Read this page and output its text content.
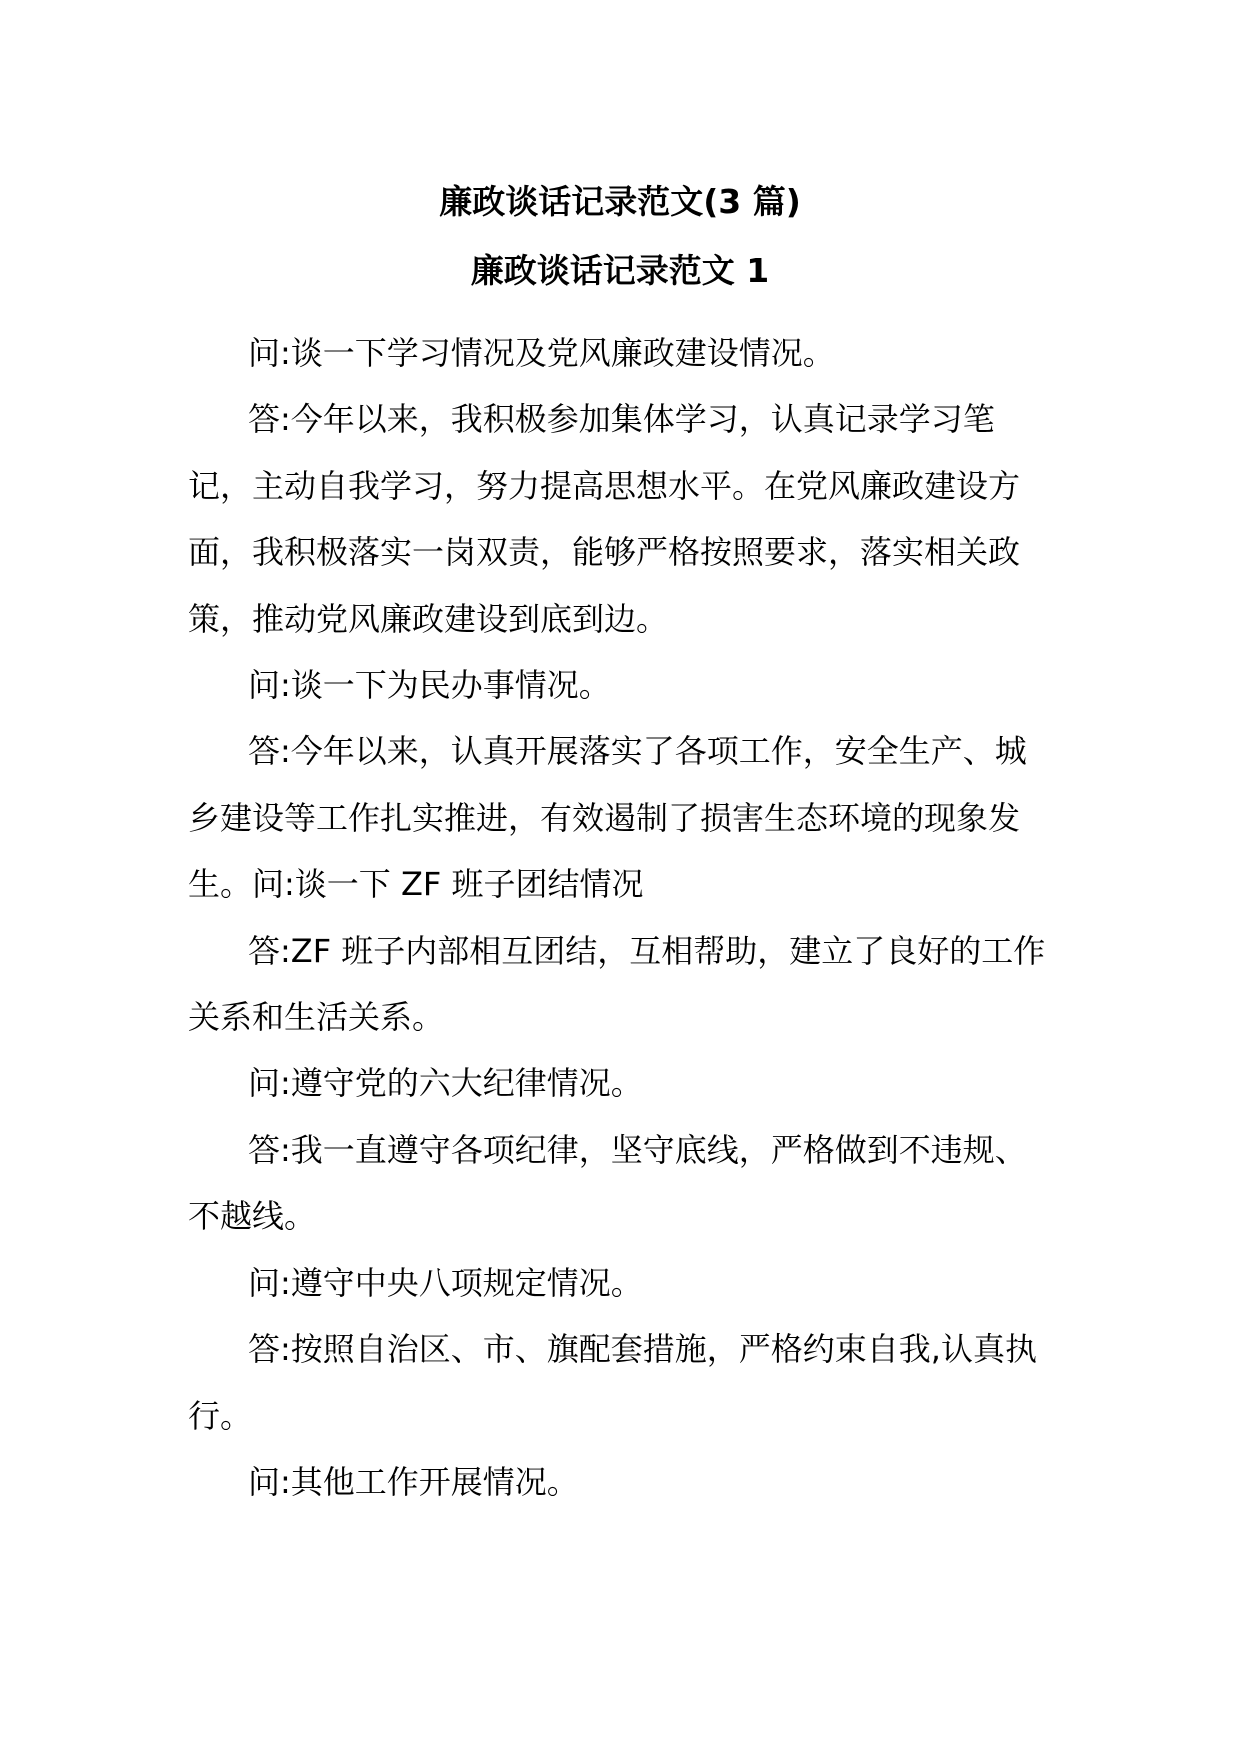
廉政谈话记录范文(3 篇)
廉政谈话记录范文 1

问:谈一下学习情况及党风廉政建设情况。

答:今年以来，我积极参加集体学习，认真记录学习笔记，主动自我学习，努力提高思想水平。在党风廉政建设方面，我积极落实一岗双责，能够严格按照要求，落实相关政策，推动党风廉政建设到底到边。

问:谈一下为民办事情况。

答:今年以来，认真开展落实了各项工作，安全生产、城乡建设等工作扎实推进，有效遏制了损害生态环境的现象发生。问:谈一下 ZF 班子团结情况

答:ZF 班子内部相互团结，互相帮助，建立了良好的工作关系和生活关系。

问:遵守党的六大纪律情况。

答:我一直遵守各项纪律，坚守底线，严格做到不违规、不越线。

问:遵守中央八项规定情况。

答:按照自治区、市、旗配套措施，严格约束自我,认真执行。

问:其他工作开展情况。
